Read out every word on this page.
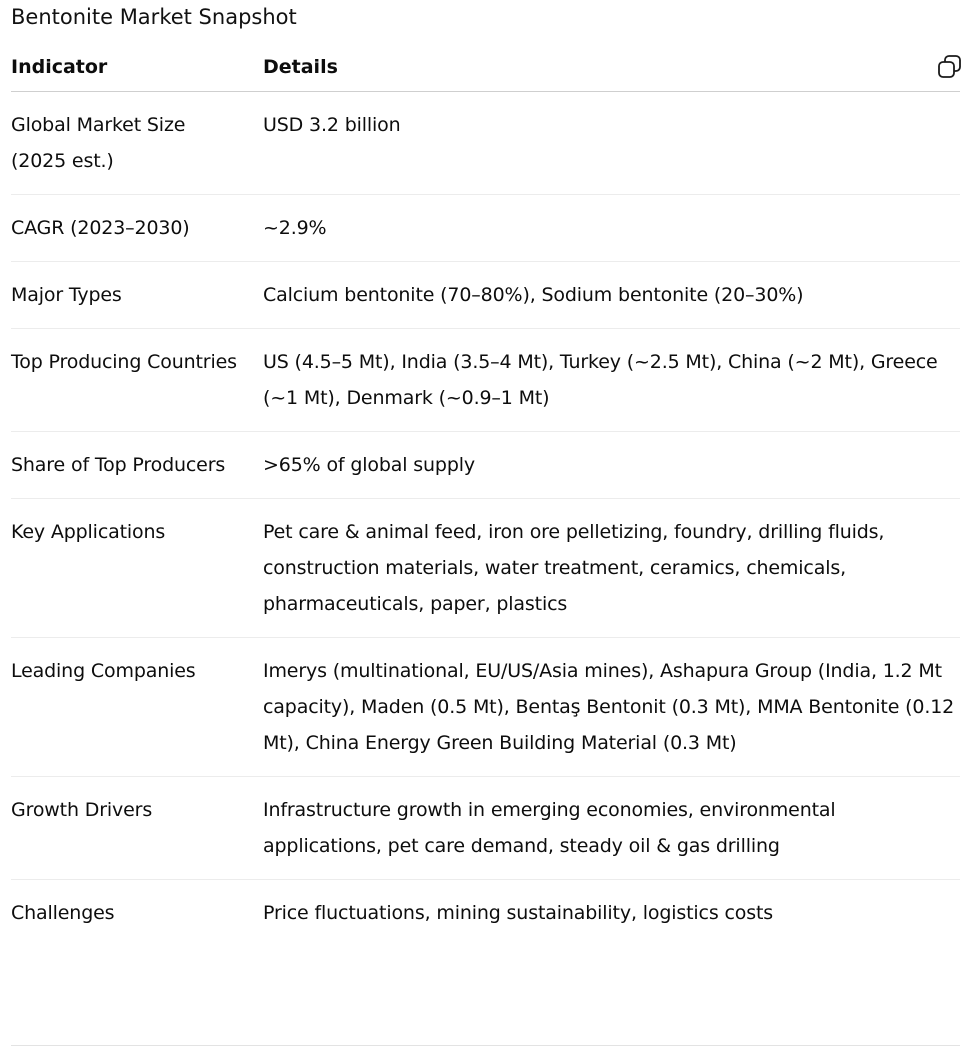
Bentonite Market Snapshot
Indicator	Details
Global Market Size (2025 est.)	USD 3.2 billion
CAGR (2023–2030)	~2.9%
Major Types	Calcium bentonite (70–80%), Sodium bentonite (20–30%)
Top Producing Countries	US (4.5–5 Mt), India (3.5–4 Mt), Turkey (~2.5 Mt), China (~2 Mt), Greece (~1 Mt), Denmark (~0.9–1 Mt)
Share of Top Producers	>65% of global supply
Key Applications	Pet care & animal feed, iron ore pelletizing, foundry, drilling fluids, construction materials, water treatment, ceramics, chemicals, pharmaceuticals, paper, plastics
Leading Companies	Imerys (multinational, EU/US/Asia mines), Ashapura Group (India, 1.2 Mt capacity), Maden (0.5 Mt), Bentaş Bentonit (0.3 Mt), MMA Bentonite (0.12 Mt), China Energy Green Building Material (0.3 Mt)
Growth Drivers	Infrastructure growth in emerging economies, environmental applications, pet care demand, steady oil & gas drilling
Challenges	Price fluctuations, mining sustainability, logistics costs
